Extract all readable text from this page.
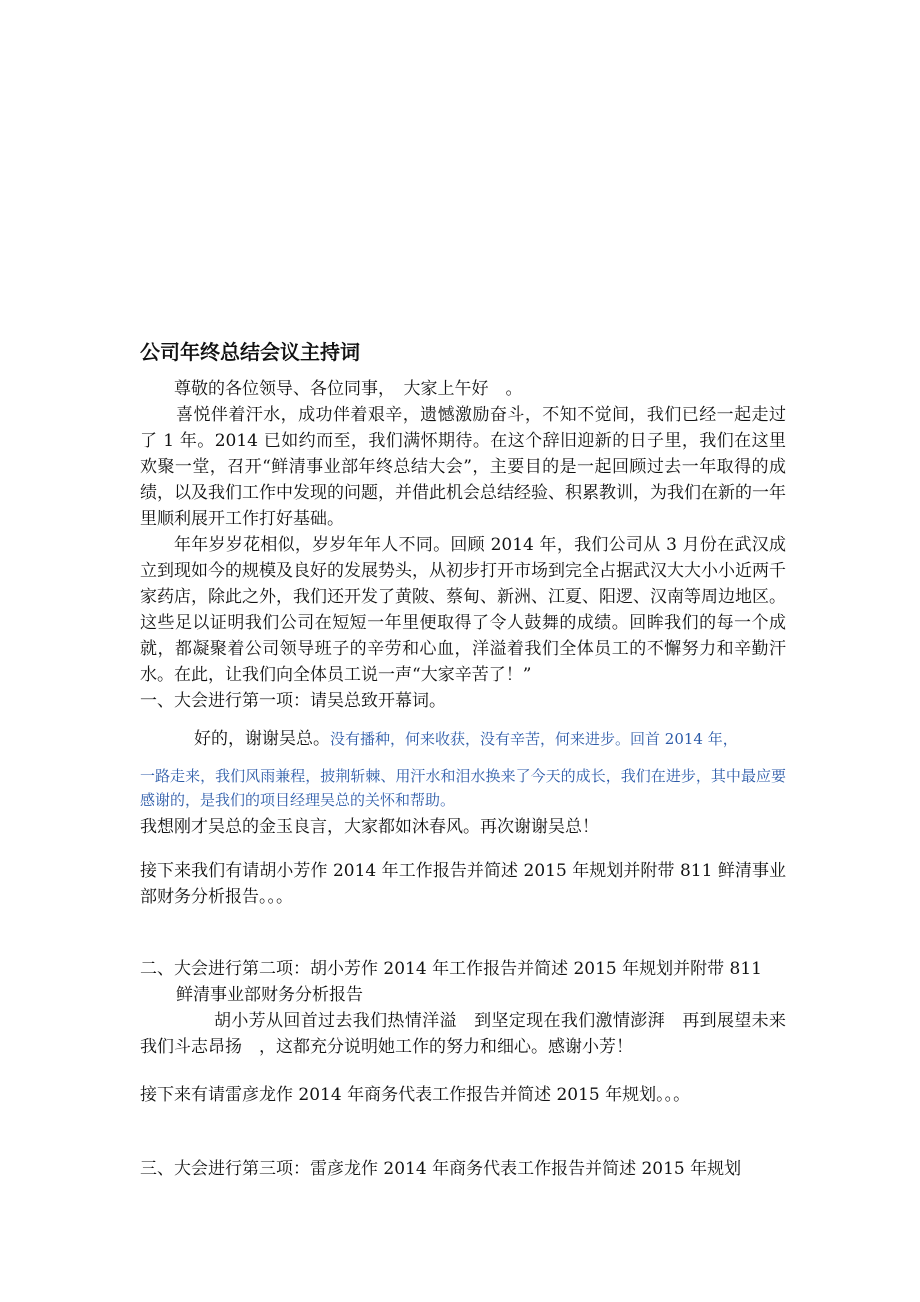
公司年终总结会议主持词

尊敬的各位领导、各位同事，　大家上午好　。

喜悦伴着汗水，成功伴着艰辛，遗憾激励奋斗，不知不觉间，我们已经一起走过了 1 年。2014 已如约而至，我们满怀期待。在这个辞旧迎新的日子里，我们在这里欢聚一堂，召开“鲜清事业部年终总结大会”，主要目的是一起回顾过去一年取得的成绩，以及我们工作中发现的问题，并借此机会总结经验、积累教训，为我们在新的一年里顺利展开工作打好基础。

年年岁岁花相似，岁岁年年人不同。回顾 2014 年，我们公司从 3 月份在武汉成立到现如今的规模及良好的发展势头，从初步打开市场到完全占据武汉大大小小近两千家药店，除此之外，我们还开发了黄陂、蔡甸、新洲、江夏、阳逻、汉南等周边地区。这些足以证明我们公司在短短一年里便取得了令人鼓舞的成绩。回眸我们的每一个成就，都凝聚着公司领导班子的辛劳和心血，洋溢着我们全体员工的不懈努力和辛勤汗水。在此，让我们向全体员工说一声“大家辛苦了！”

一、大会进行第一项：请吴总致开幕词。

好的，谢谢吴总。没有播种，何来收获，没有辛苦，何来进步。回首 2014 年，

一路走来，我们风雨兼程，披荆斩棘、用汗水和泪水换来了今天的成长，我们在进步，其中最应要感谢的，是我们的项目经理吴总的关怀和帮助。

我想刚才吴总的金玉良言，大家都如沐春风。再次谢谢吴总！

接下来我们有请胡小芳作 2014 年工作报告并简述 2015 年规划并附带 811 鲜清事业部财务分析报告。。。

二、大会进行第二项：胡小芳作 2014 年工作报告并简述 2015 年规划并附带 811

鲜清事业部财务分析报告

胡小芳从回首过去我们热情洋溢　到坚定现在我们激情澎湃　再到展望未来我们斗志昂扬　，这都充分说明她工作的努力和细心。感谢小芳！

接下来有请雷彦龙作 2014 年商务代表工作报告并简述 2015 年规划。。。

三、大会进行第三项：雷彦龙作 2014 年商务代表工作报告并简述 2015 年规划
